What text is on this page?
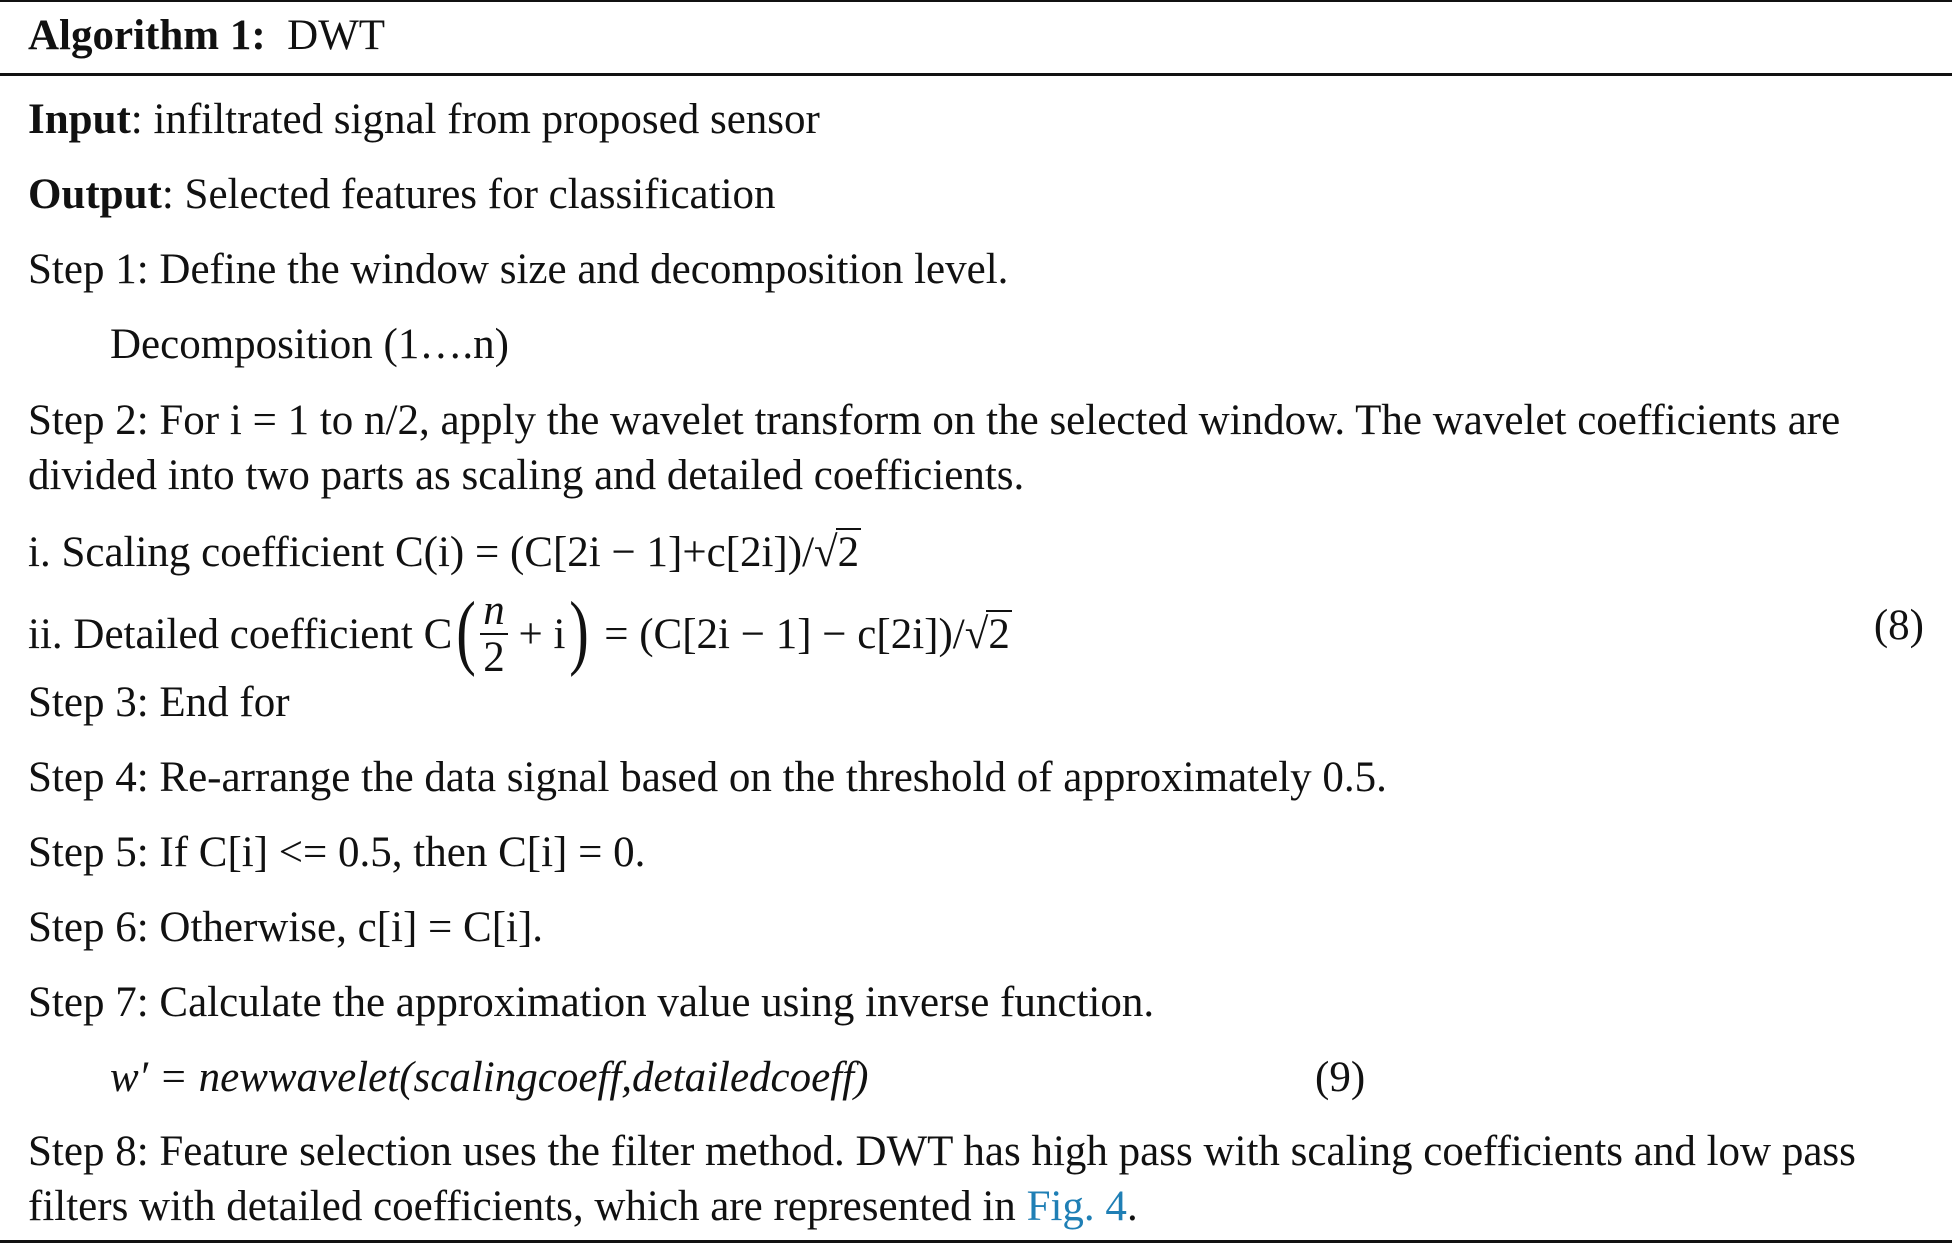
Algorithm 1: DWT
Input: infiltrated signal from proposed sensor
Output: Selected features for classification
Step 1: Define the window size and decomposition level.
Decomposition (1….n)
Step 2: For i = 1 to n/2, apply the wavelet transform on the selected window. The wavelet coefficients are
divided into two parts as scaling and detailed coefficients.
i. Scaling coefficient C(i) = (C[2i − 1]+c[2i])/√2
ii. Detailed coefficient $C( \frac{n}{2} + i) = (C[2i - 1] - c[2i])/√2$	(8)
Step 3: End for
Step 4: Re-arrange the data signal based on the threshold of approximately 0.5.
Step 5: If C[i] <= 0.5, then C[i] = 0.
Step 6: Otherwise, c[i] = C[i].
Step 7: Calculate the approximation value using inverse function.
w′ = newwavelet(scalingcoeff,detailedcoeff)	(9)
Step 8: Feature selection uses the filter method. DWT has high pass with scaling coefficients and low pass
filters with detailed coefficients, which are represented in Fig. 4.
